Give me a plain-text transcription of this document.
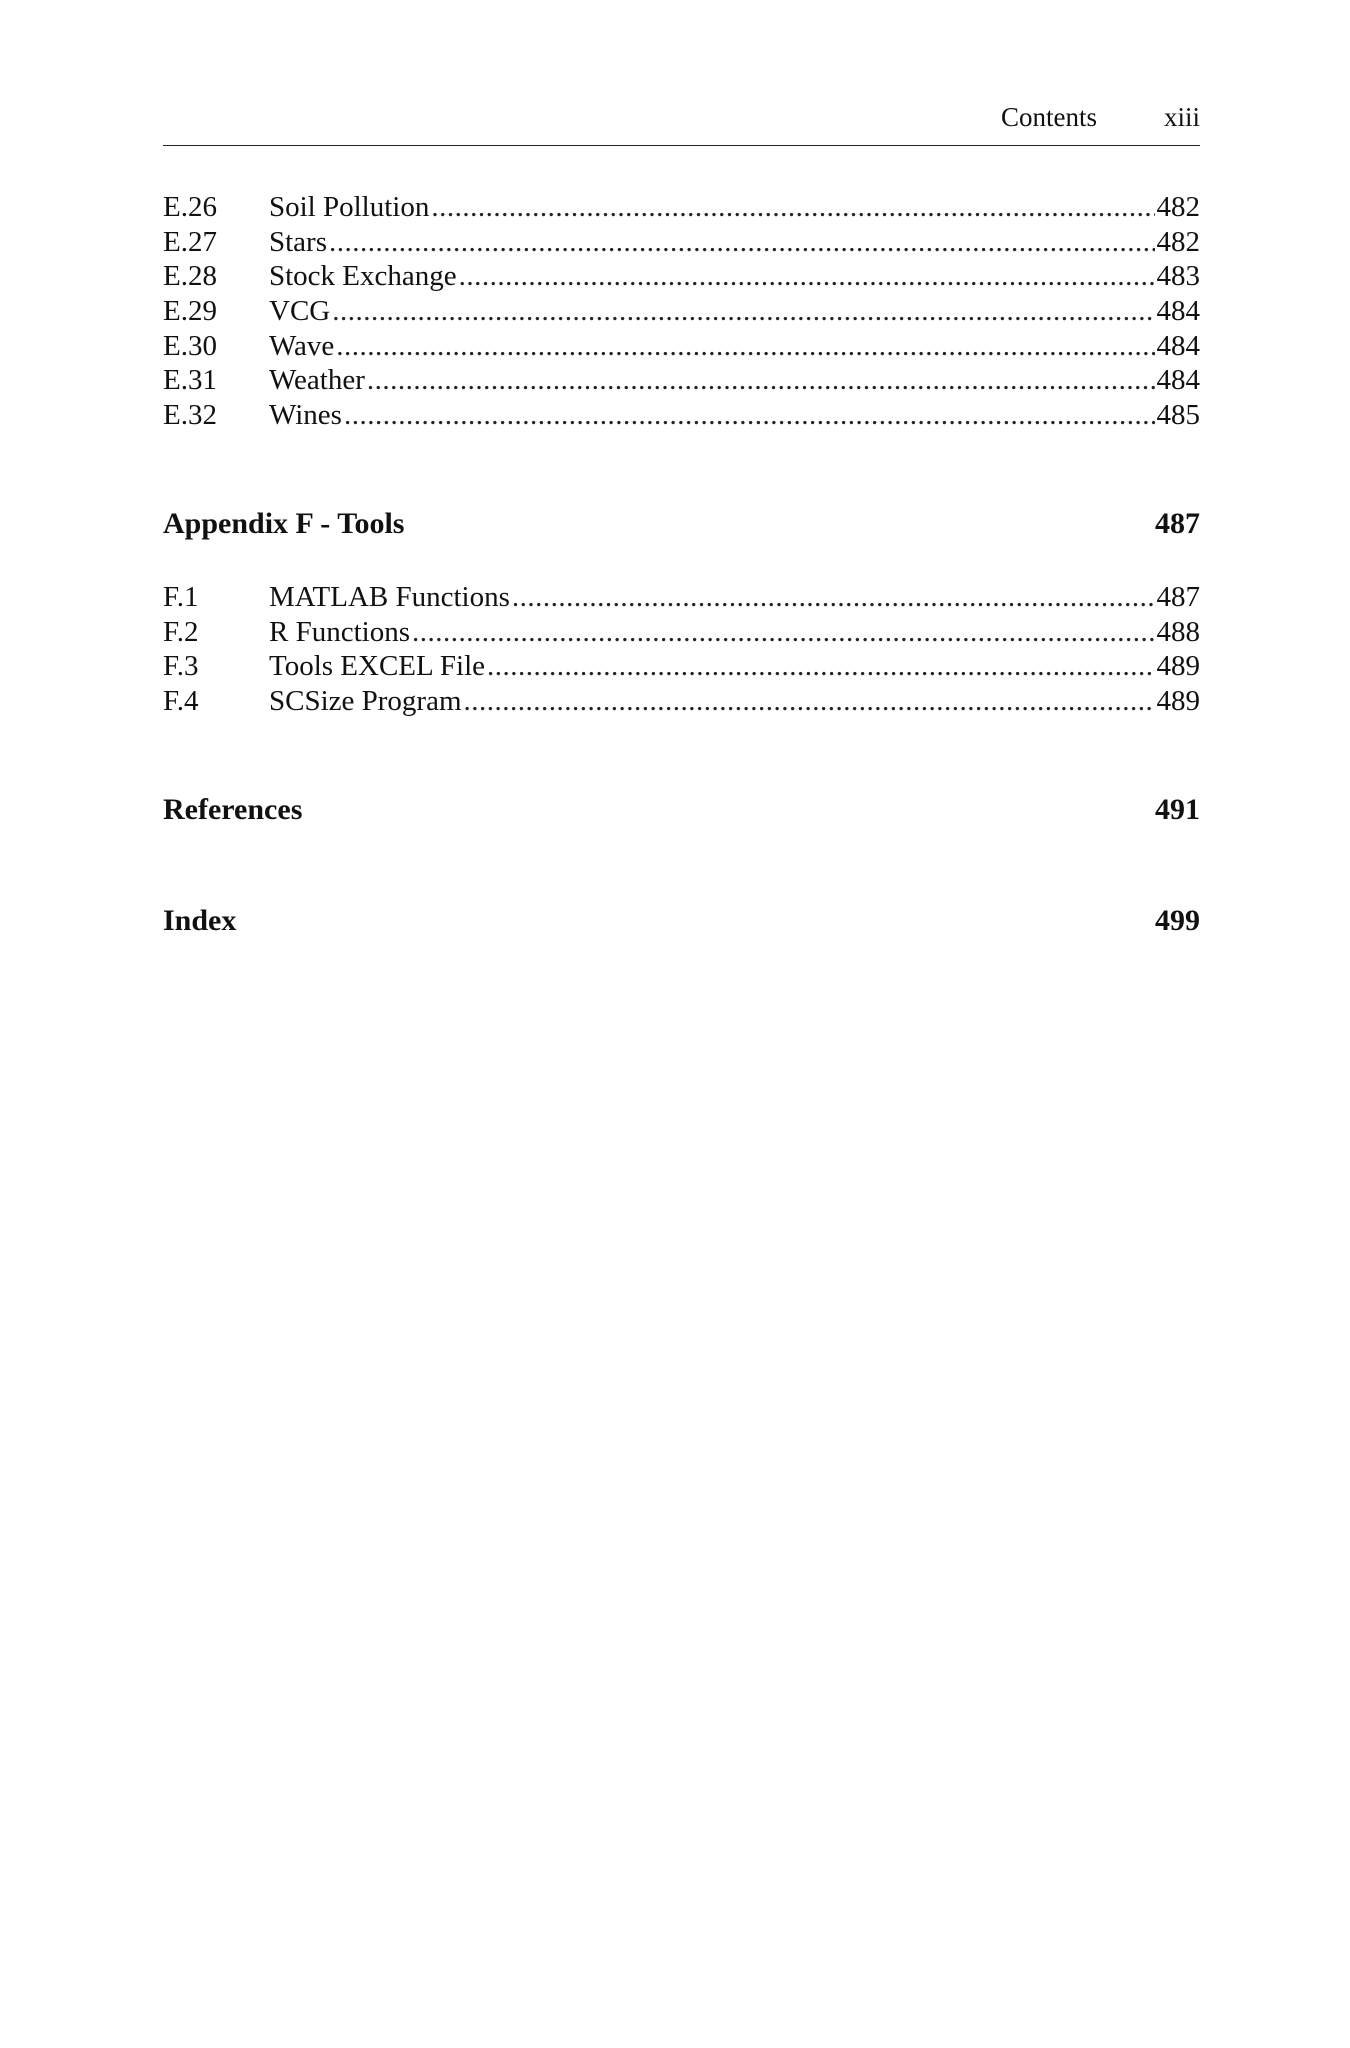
Contents xiii
E.26	Soil Pollution .....	482
E.27	Stars .....	482
E.28	Stock Exchange .....	483
E.29	VCG .....	484
E.30	Wave .....	484
E.31	Weather .....	484
E.32	Wines .....	485
Appendix F - Tools	487
F.1	MATLAB Functions .....	487
F.2	R Functions .....	488
F.3	Tools EXCEL File .....	489
F.4	SCSize Program .....	489
References	491
Index	499
